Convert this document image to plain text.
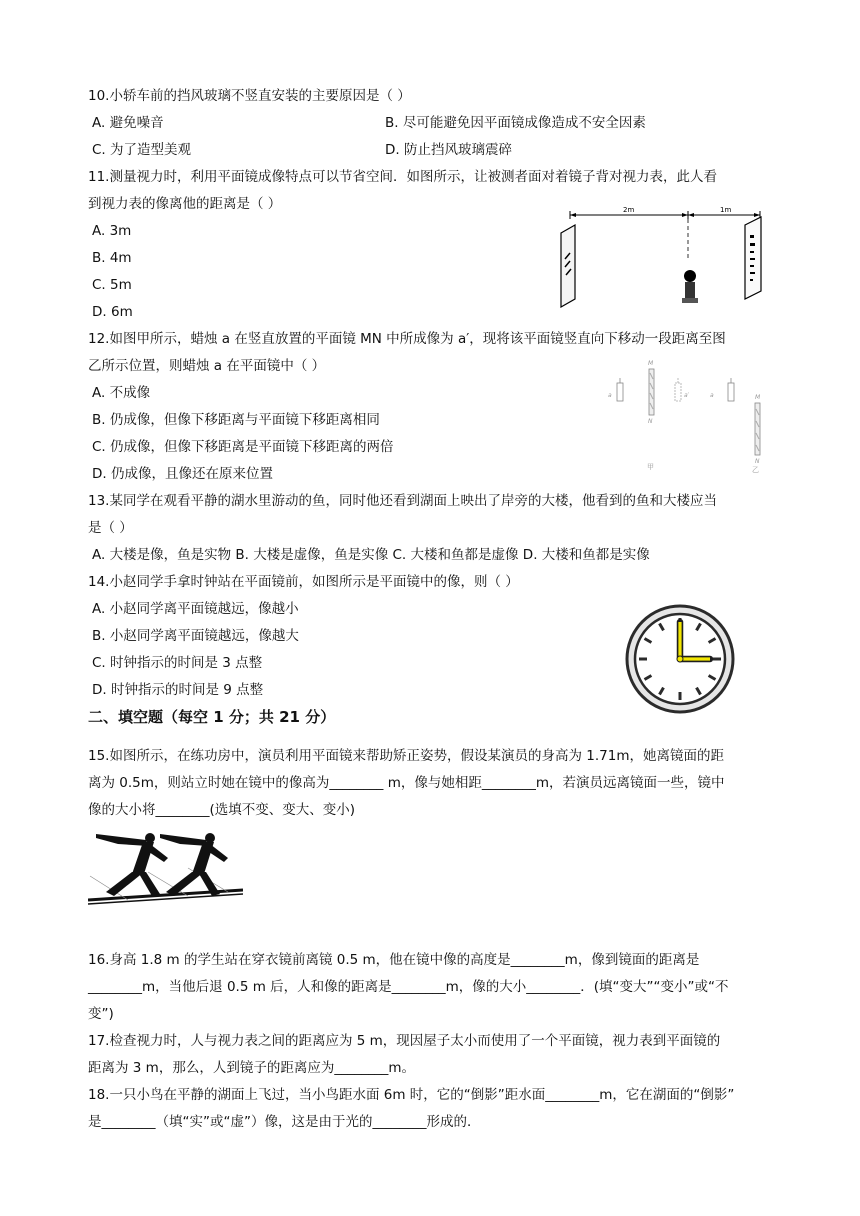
10.小轿车前的挡风玻璃不竖直安装的主要原因是（ ）
A. 避免噪音	B. 尽可能避免因平面镜成像造成不安全因素
C. 为了造型美观	D. 防止挡风玻璃震碎
11.测量视力时，利用平面镜成像特点可以节省空间．如图所示，让被测者面对着镜子背对视力表，此人看
到视力表的像离他的距离是（ ）
A. 3m
B. 4m
C. 5m
D. 6m
2m	1m
12.如图甲所示，蜡烛 a 在竖直放置的平面镜 MN 中所成像为 a′，现将该平面镜竖直向下移动一段距离至图
乙所示位置，则蜡烛 a 在平面镜中（ ）
A. 不成像
B. 仍成像，但像下移距离与平面镜下移距离相同
C. 仍成像，但像下移距离是平面镜下移距离的两倍
D. 仍成像，且像还在原来位置
a
M
N
a′
甲
a	M
N
乙
13.某同学在观看平静的湖水里游动的鱼，同时他还看到湖面上映出了岸旁的大楼，他看到的鱼和大楼应当
是（ ）
A. 大楼是像，鱼是实物 B. 大楼是虚像，鱼是实像 C. 大楼和鱼都是虚像 D. 大楼和鱼都是实像
14.小赵同学手拿时钟站在平面镜前，如图所示是平面镜中的像，则（ ）
A. 小赵同学离平面镜越远，像越小
B. 小赵同学离平面镜越远，像越大
C. 时钟指示的时间是 3 点整
D. 时钟指示的时间是 9 点整
二、填空题（每空 1 分；共 21 分）
15.如图所示，在练功房中，演员利用平面镜来帮助矫正姿势，假设某演员的身高为 1.71m，她离镜面的距
离为 0.5m，则站立时她在镜中的像高为________ m，像与她相距________m，若演员远离镜面一些，镜中
像的大小将________(选填不变、变大、变小)
16.身高 1.8 m 的学生站在穿衣镜前离镜 0.5 m，他在镜中像的高度是________m，像到镜面的距离是
________m，当他后退 0.5 m 后，人和像的距离是________m，像的大小________．(填“变大”“变小”或“不
变”)
17.检查视力时，人与视力表之间的距离应为 5 m，现因屋子太小而使用了一个平面镜，视力表到平面镜的
距离为 3 m，那么，人到镜子的距离应为________m。
18.一只小鸟在平静的湖面上飞过，当小鸟距水面 6m 时，它的“倒影”距水面________m，它在湖面的“倒影”
是________（填“实”或“虚”）像，这是由于光的________形成的．
